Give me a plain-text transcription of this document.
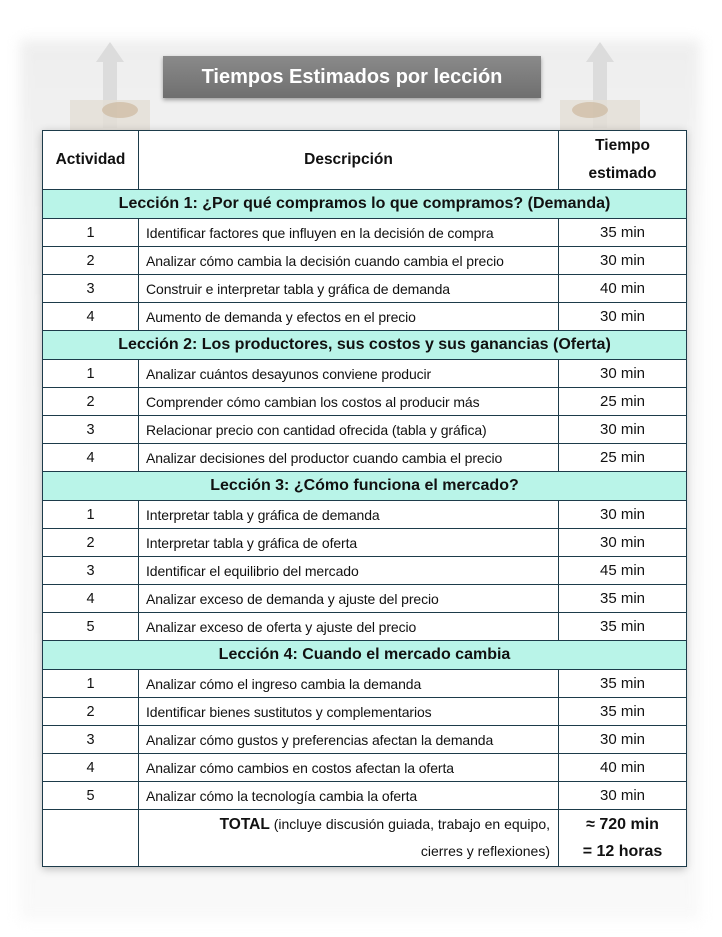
Tiempos Estimados por lección
Actividad	Descripción	Tiempo
estimado
Lección 1: ¿Por qué compramos lo que compramos? (Demanda)		
1	Identificar factores que influyen en la decisión de compra	35 min
2	Analizar cómo cambia la decisión cuando cambia el precio	30 min
3	Construir e interpretar tabla y gráfica de demanda	40 min
4	Aumento de demanda y efectos en el precio	30 min
Lección 2: Los productores, sus costos y sus ganancias (Oferta)		
1	Analizar cuántos desayunos conviene producir	30 min
2	Comprender cómo cambian los costos al producir más	25 min
3	Relacionar precio con cantidad ofrecida (tabla y gráfica)	30 min
4	Analizar decisiones del productor cuando cambia el precio	25 min
Lección 3: ¿Cómo funciona el mercado?		
1	Interpretar tabla y gráfica de demanda	30 min
2	Interpretar tabla y gráfica de oferta	30 min
3	Identificar el equilibrio del mercado	45 min
4	Analizar exceso de demanda y ajuste del precio	35 min
5	Analizar exceso de oferta y ajuste del precio	35 min
Lección 4: Cuando el mercado cambia		
1	Analizar cómo el ingreso cambia la demanda	35 min
2	Identificar bienes sustitutos y complementarios	35 min
3	Analizar cómo gustos y preferencias afectan la demanda	30 min
4	Analizar cómo cambios en costos afectan la oferta	40 min
5	Analizar cómo la tecnología cambia la oferta	30 min
	TOTAL (incluye discusión guiada, trabajo en equipo,
cierres y reflexiones)	≈ 720 min
= 12 horas
